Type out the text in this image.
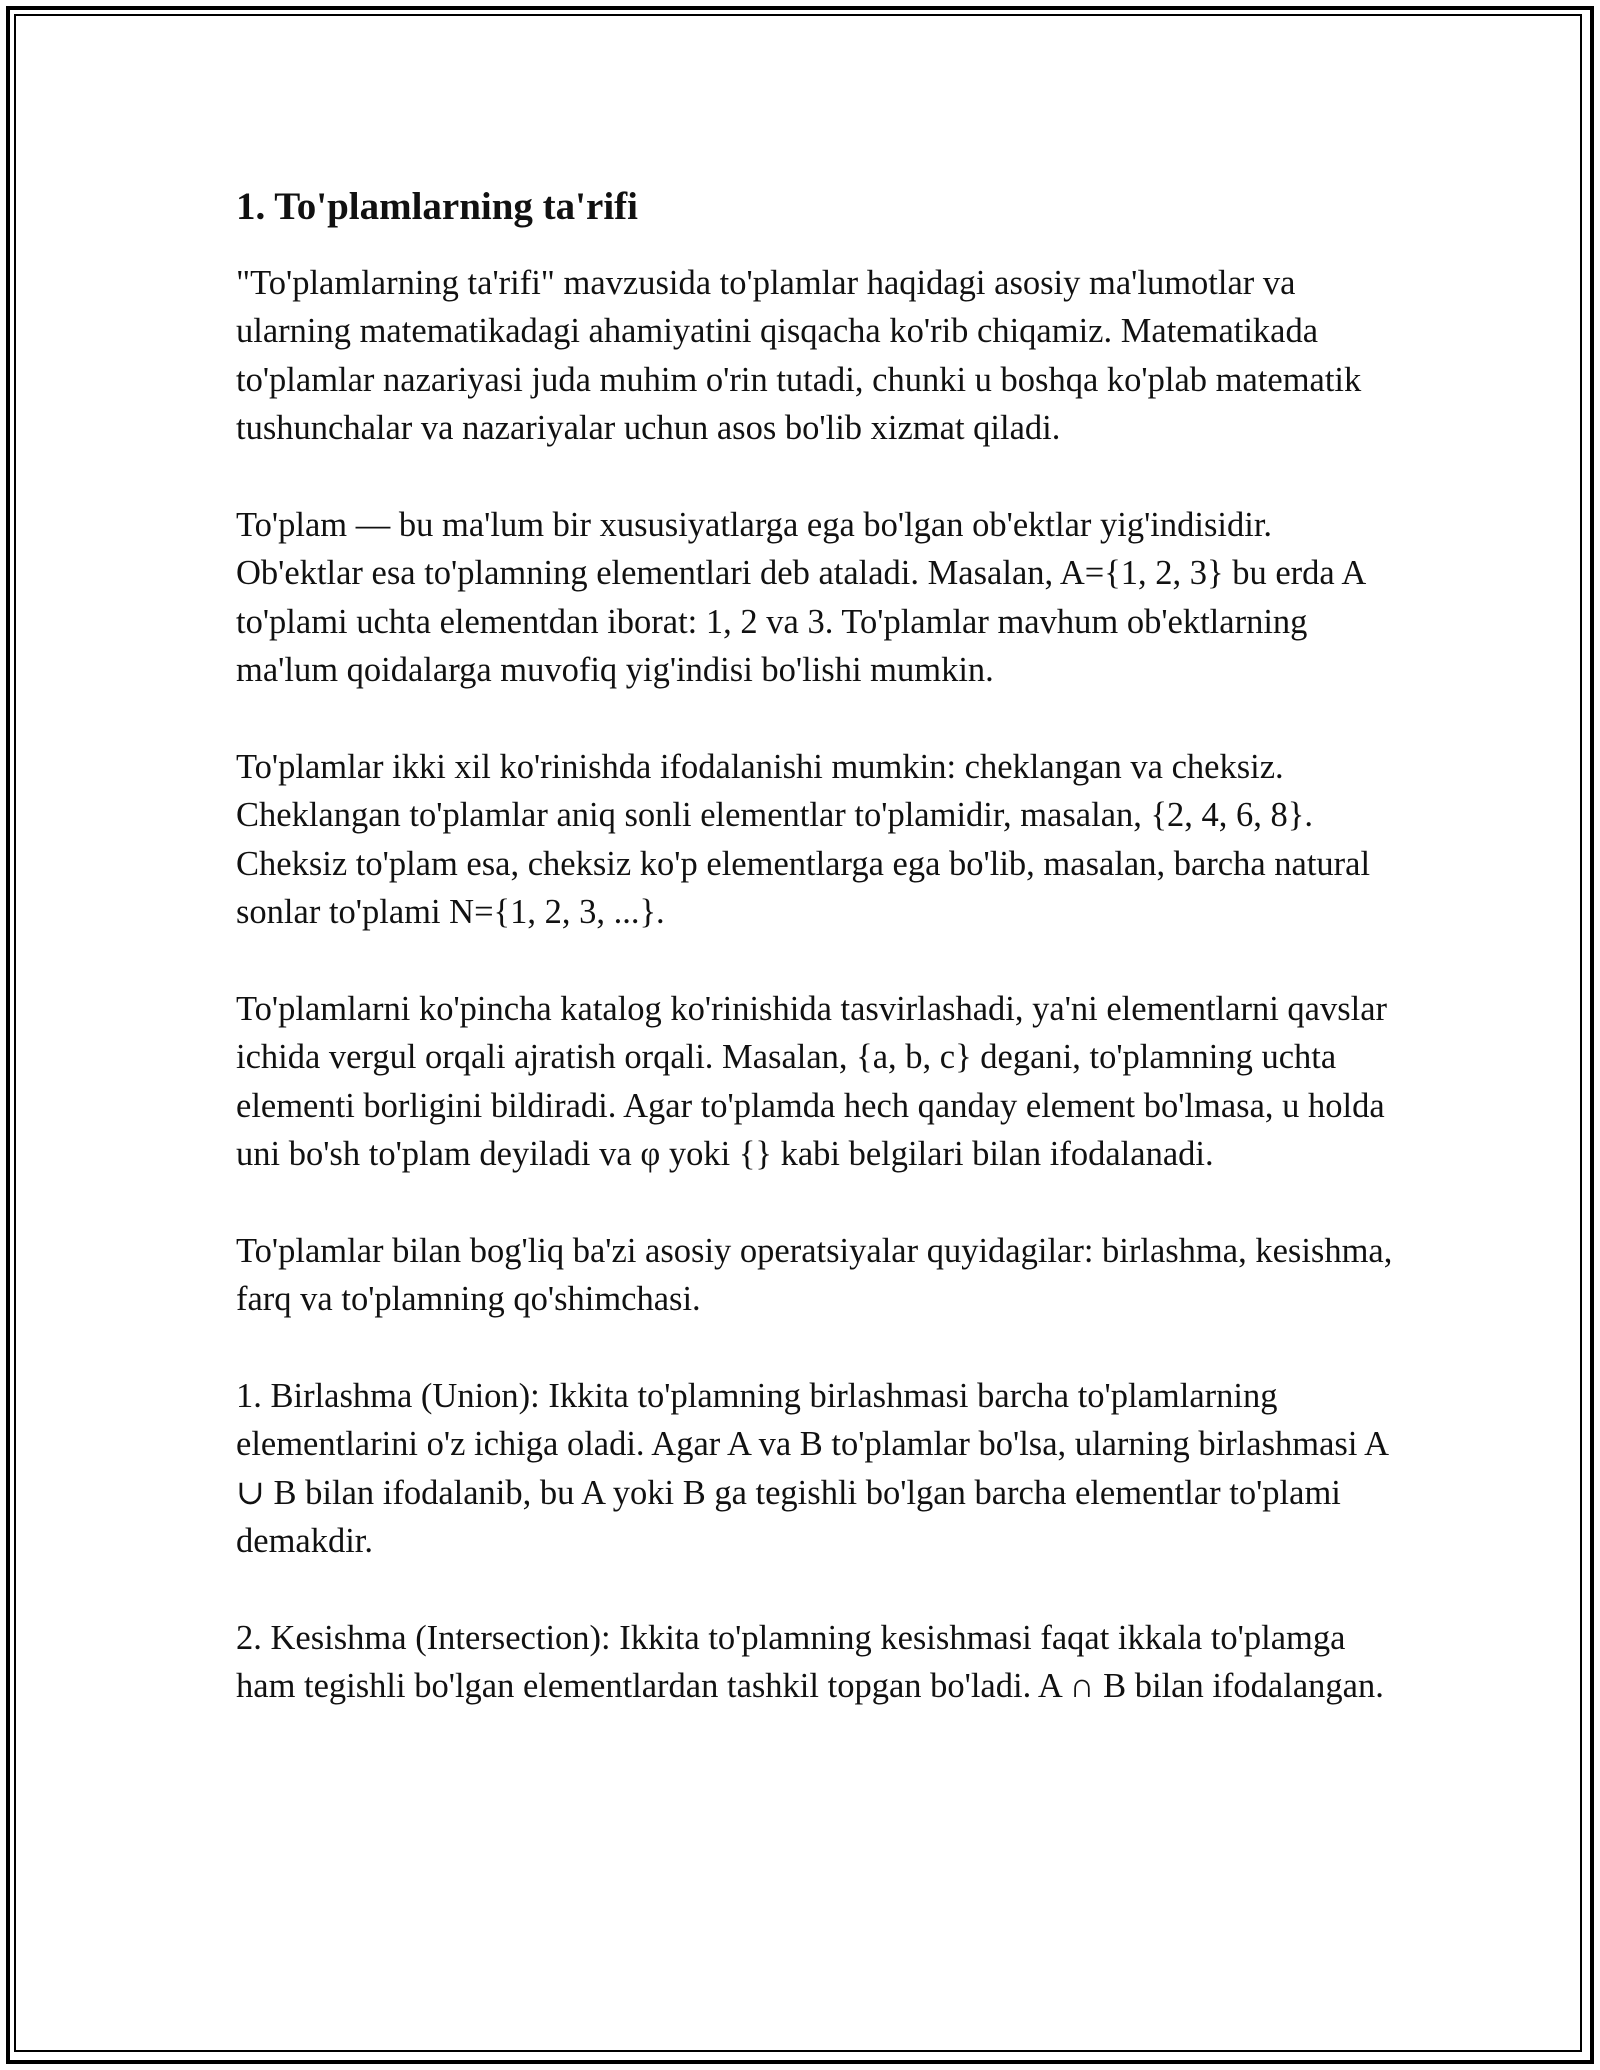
1. To'plamlarning ta'rifi

"To'plamlarning ta'rifi" mavzusida to'plamlar haqidagi asosiy ma'lumotlar va ularning matematikadagi ahamiyatini qisqacha ko'rib chiqamiz. Matematikada to'plamlar nazariyasi juda muhim o'rin tutadi, chunki u boshqa ko'plab matematik tushunchalar va nazariyalar uchun asos bo'lib xizmat qiladi.

To'plam — bu ma'lum bir xususiyatlarga ega bo'lgan ob'ektlar yig'indisidir. Ob'ektlar esa to'plamning elementlari deb ataladi. Masalan, A={1, 2, 3} bu erda A to'plami uchta elementdan iborat: 1, 2 va 3. To'plamlar mavhum ob'ektlarning ma'lum qoidalarga muvofiq yig'indisi bo'lishi mumkin.

To'plamlar ikki xil ko'rinishda ifodalanishi mumkin: cheklangan va cheksiz. Cheklangan to'plamlar aniq sonli elementlar to'plamidir, masalan, {2, 4, 6, 8}. Cheksiz to'plam esa, cheksiz ko'p elementlarga ega bo'lib, masalan, barcha natural sonlar to'plami N={1, 2, 3, ...}.

To'plamlarni ko'pincha katalog ko'rinishida tasvirlashadi, ya'ni elementlarni qavslar ichida vergul orqali ajratish orqali. Masalan, {a, b, c} degani, to'plamning uchta elementi borligini bildiradi. Agar to'plamda hech qanday element bo'lmasa, u holda uni bo'sh to'plam deyiladi va φ yoki {} kabi belgilari bilan ifodalanadi.

To'plamlar bilan bog'liq ba'zi asosiy operatsiyalar quyidagilar: birlashma, kesishma, farq va to'plamning qo'shimchasi.

1. Birlashma (Union): Ikkita to'plamning birlashmasi barcha to'plamlarning elementlarini o'z ichiga oladi. Agar A va B to'plamlar bo'lsa, ularning birlashmasi A ∪ B bilan ifodalanib, bu A yoki B ga tegishli bo'lgan barcha elementlar to'plami demakdir.

2. Kesishma (Intersection): Ikkita to'plamning kesishmasi faqat ikkala to'plamga ham tegishli bo'lgan elementlardan tashkil topgan bo'ladi. A ∩ B bilan ifodalangan.
